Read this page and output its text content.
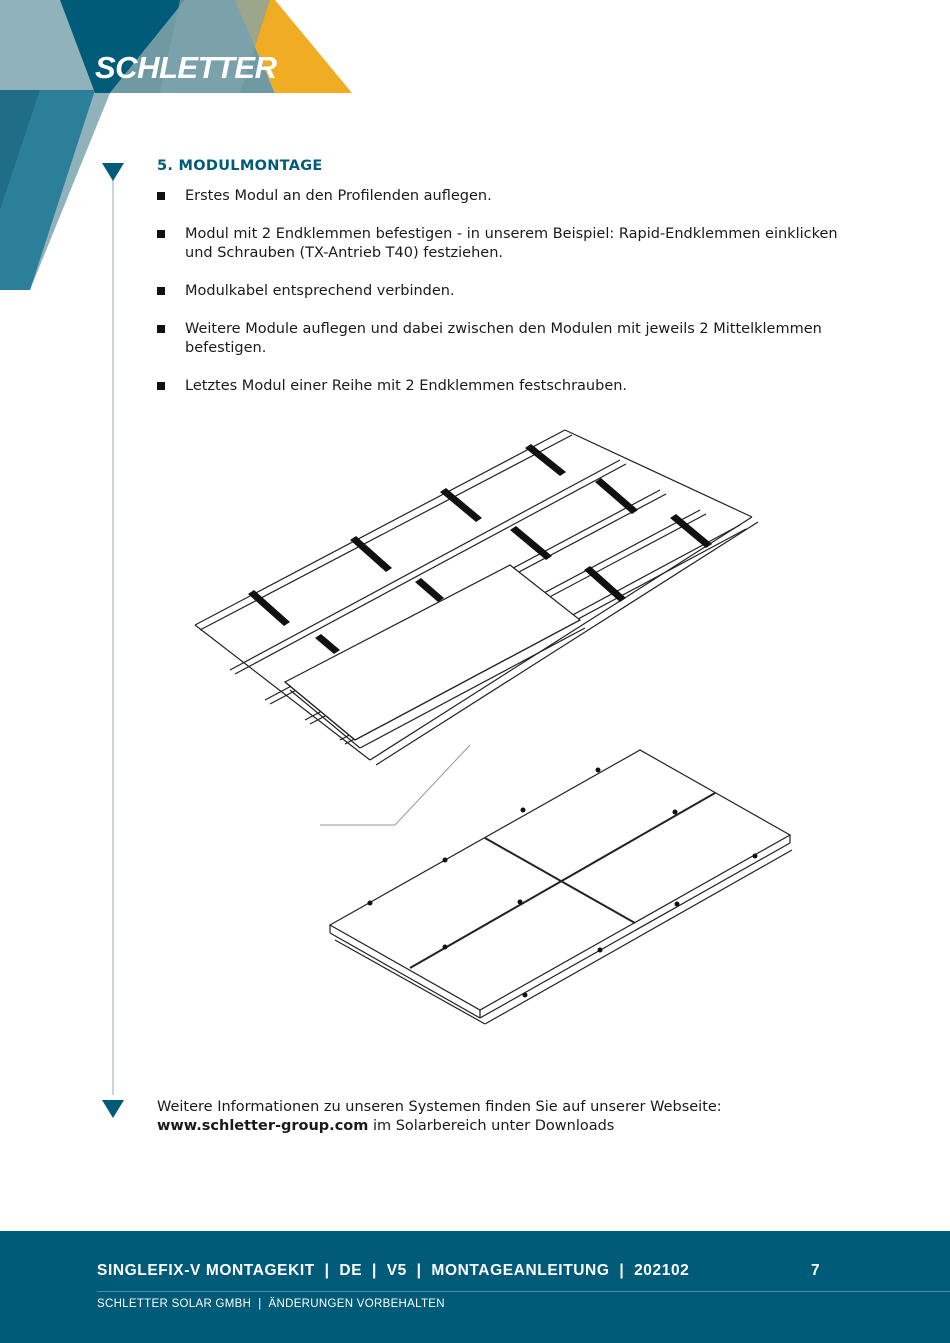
SCHLETTER
5. MODULMONTAGE
Erstes Modul an den Profilenden auflegen.
Modul mit 2 Endklemmen befestigen - in unserem Beispiel: Rapid-Endklemmen einklicken und Schrauben (TX-Antrieb T40) festziehen.
Modulkabel entsprechend verbinden.
Weitere Module auflegen und dabei zwischen den Modulen mit jeweils 2 Mittelklemmen befestigen.
Letztes Modul einer Reihe mit 2 Endklemmen festschrauben.
Weitere Informationen zu unseren Systemen finden Sie auf unserer Webseite:
www.schletter-group.com im Solarbereich unter Downloads
SINGLEFIX-V MONTAGEKIT  |  DE  |  V5  |  MONTAGEANLEITUNG  |  202102	7
SCHLETTER SOLAR GMBH  |  ÄNDERUNGEN VORBEHALTEN
